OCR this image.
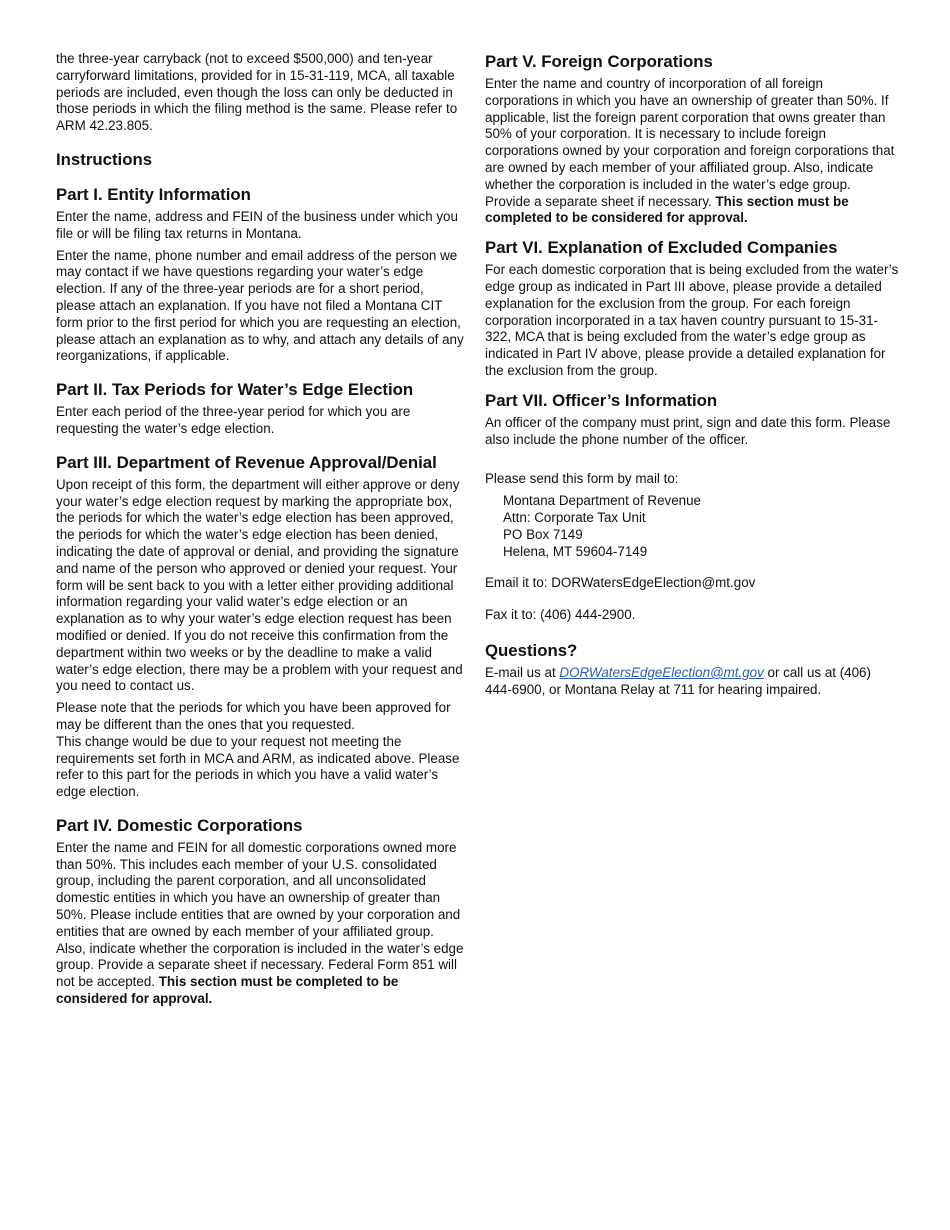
the three-year carryback (not to exceed $500,000) and ten-year carryforward limitations, provided for in 15-31-119, MCA, all taxable periods are included, even though the loss can only be deducted in those periods in which the filing method is the same. Please refer to ARM 42.23.805.

Instructions
Part I. Entity Information

Enter the name, address and FEIN of the business under which you file or will be filing tax returns in Montana.

Enter the name, phone number and email address of the person we may contact if we have questions regarding your water’s edge election. If any of the three-year periods are for a short period, please attach an explanation. If you have not filed a Montana CIT form prior to the first period for which you are requesting an election, please attach an explanation as to why, and attach any details of any reorganizations, if applicable.

Part II. Tax Periods for Water’s Edge Election

Enter each period of the three-year period for which you are requesting the water’s edge election.

Part III. Department of Revenue Approval/Denial

Upon receipt of this form, the department will either approve or deny your water’s edge election request by marking the appropriate box, the periods for which the water’s edge election has been approved, the periods for which the water’s edge election has been denied, indicating the date of approval or denial, and providing the signature and name of the person who approved or denied your request. Your form will be sent back to you with a letter either providing additional information regarding your valid water’s edge election or an explanation as to why your water’s edge election request has been modified or denied. If you do not receive this confirmation from the department within two weeks or by the deadline to make a valid water’s edge election, there may be a problem with your request and you need to contact us.

Please note that the periods for which you have been approved for may be different than the ones that you requested.

This change would be due to your request not meeting the requirements set forth in MCA and ARM, as indicated above. Please refer to this part for the periods in which you have a valid water’s edge election.

Part IV. Domestic Corporations

Enter the name and FEIN for all domestic corporations owned more than 50%. This includes each member of your U.S. consolidated group, including the parent corporation, and all unconsolidated domestic entities in which you have an ownership of greater than 50%. Please include entities that are owned by your corporation and entities that are owned by each member of your affiliated group. Also, indicate whether the corporation is included in the water’s edge group. Provide a separate sheet if necessary. Federal Form 851 will not be accepted. This section must be completed to be considered for approval.

Part V. Foreign Corporations

Enter the name and country of incorporation of all foreign corporations in which you have an ownership of greater than 50%. If applicable, list the foreign parent corporation that owns greater than 50% of your corporation. It is necessary to include foreign corporations owned by your corporation and foreign corporations that are owned by each member of your affiliated group. Also, indicate whether the corporation is included in the water’s edge group. Provide a separate sheet if necessary. This section must be completed to be considered for approval.

Part VI. Explanation of Excluded Companies

For each domestic corporation that is being excluded from the water’s edge group as indicated in Part III above, please provide a detailed explanation for the exclusion from the group. For each foreign corporation incorporated in a tax haven country pursuant to 15-31-322, MCA that is being excluded from the water’s edge group as indicated in Part IV above, please provide a detailed explanation for the exclusion from the group.

Part VII. Officer’s Information

An officer of the company must print, sign and date this form. Please also include the phone number of the officer.

Please send this form by mail to:

Montana Department of Revenue

Attn: Corporate Tax Unit

PO Box 7149

Helena, MT 59604-7149

Email it to: DORWatersEdgeElection@mt.gov

Fax it to: (406) 444-2900.

Questions?

E-mail us at DORWatersEdgeElection@mt.gov or call us at (406) 444-6900, or Montana Relay at 711 for hearing impaired.
